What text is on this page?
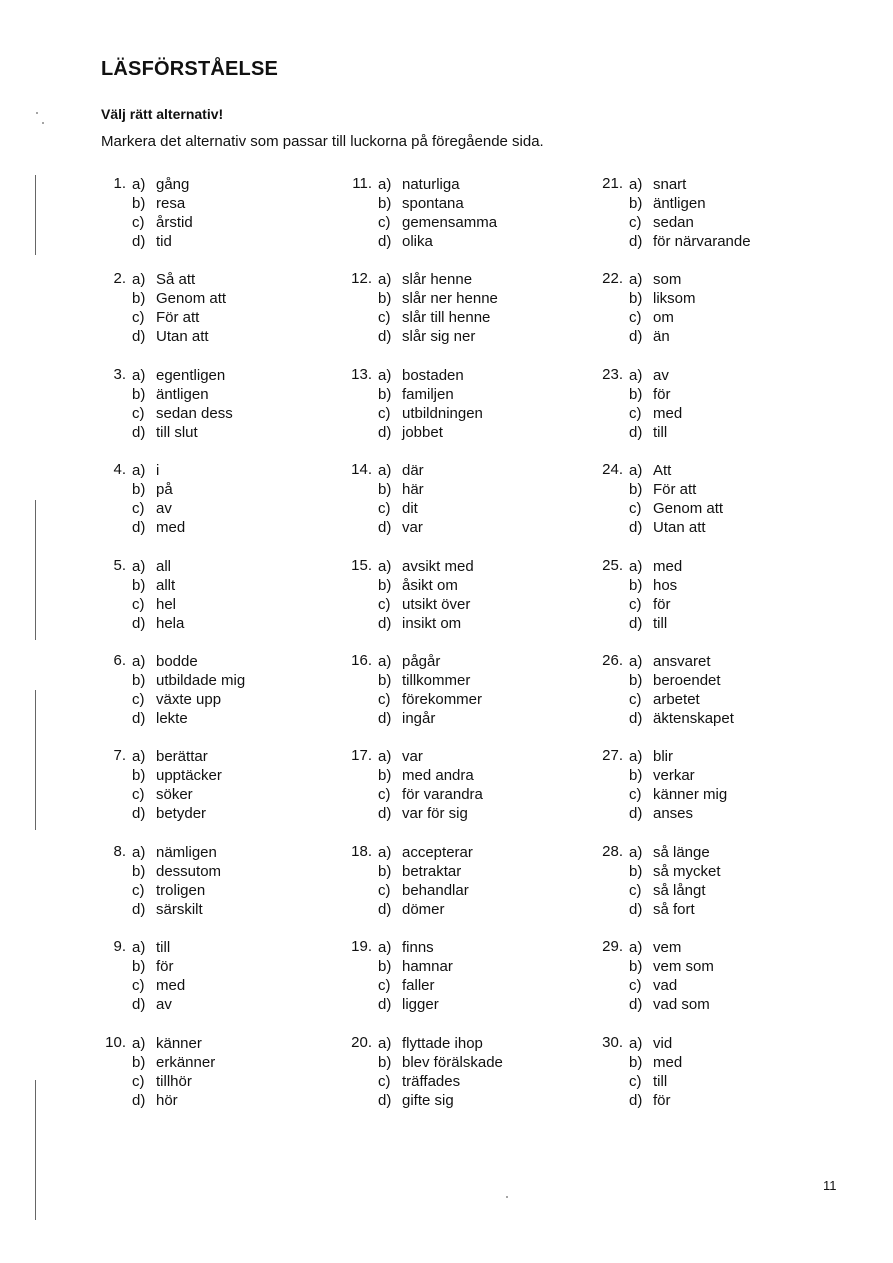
LÄSFÖRSTÅELSE
Välj rätt alternativ!
Markera det alternativ som passar till luckorna på föregående sida.
1. a) gång
b) resa
c) årstid
d) tid
2. a) Så att
b) Genom att
c) För att
d) Utan att
3. a) egentligen
b) äntligen
c) sedan dess
d) till slut
4. a) i
b) på
c) av
d) med
5. a) all
b) allt
c) hel
d) hela
6. a) bodde
b) utbildade mig
c) växte upp
d) lekte
7. a) berättar
b) upptäcker
c) söker
d) betyder
8. a) nämligen
b) dessutom
c) troligen
d) särskilt
9. a) till
b) för
c) med
d) av
10. a) känner
b) erkänner
c) tillhör
d) hör
11. a) naturliga
b) spontana
c) gemensamma
d) olika
12. a) slår henne
b) slår ner henne
c) slår till henne
d) slår sig ner
13. a) bostaden
b) familjen
c) utbildningen
d) jobbet
14. a) där
b) här
c) dit
d) var
15. a) avsikt med
b) åsikt om
c) utsikt över
d) insikt om
16. a) pågår
b) tillkommer
c) förekommer
d) ingår
17. a) var
b) med andra
c) för varandra
d) var för sig
18. a) accepterar
b) betraktar
c) behandlar
d) dömer
19. a) finns
b) hamnar
c) faller
d) ligger
20. a) flyttade ihop
b) blev förälskade
c) träffades
d) gifte sig
21. a) snart
b) äntligen
c) sedan
d) för närvarande
22. a) som
b) liksom
c) om
d) än
23. a) av
b) för
c) med
d) till
24. a) Att
b) För att
c) Genom att
d) Utan att
25. a) med
b) hos
c) för
d) till
26. a) ansvaret
b) beroendet
c) arbetet
d) äktenskapet
27. a) blir
b) verkar
c) känner mig
d) anses
28. a) så länge
b) så mycket
c) så långt
d) så fort
29. a) vem
b) vem som
c) vad
d) vad som
30. a) vid
b) med
c) till
d) för
11
